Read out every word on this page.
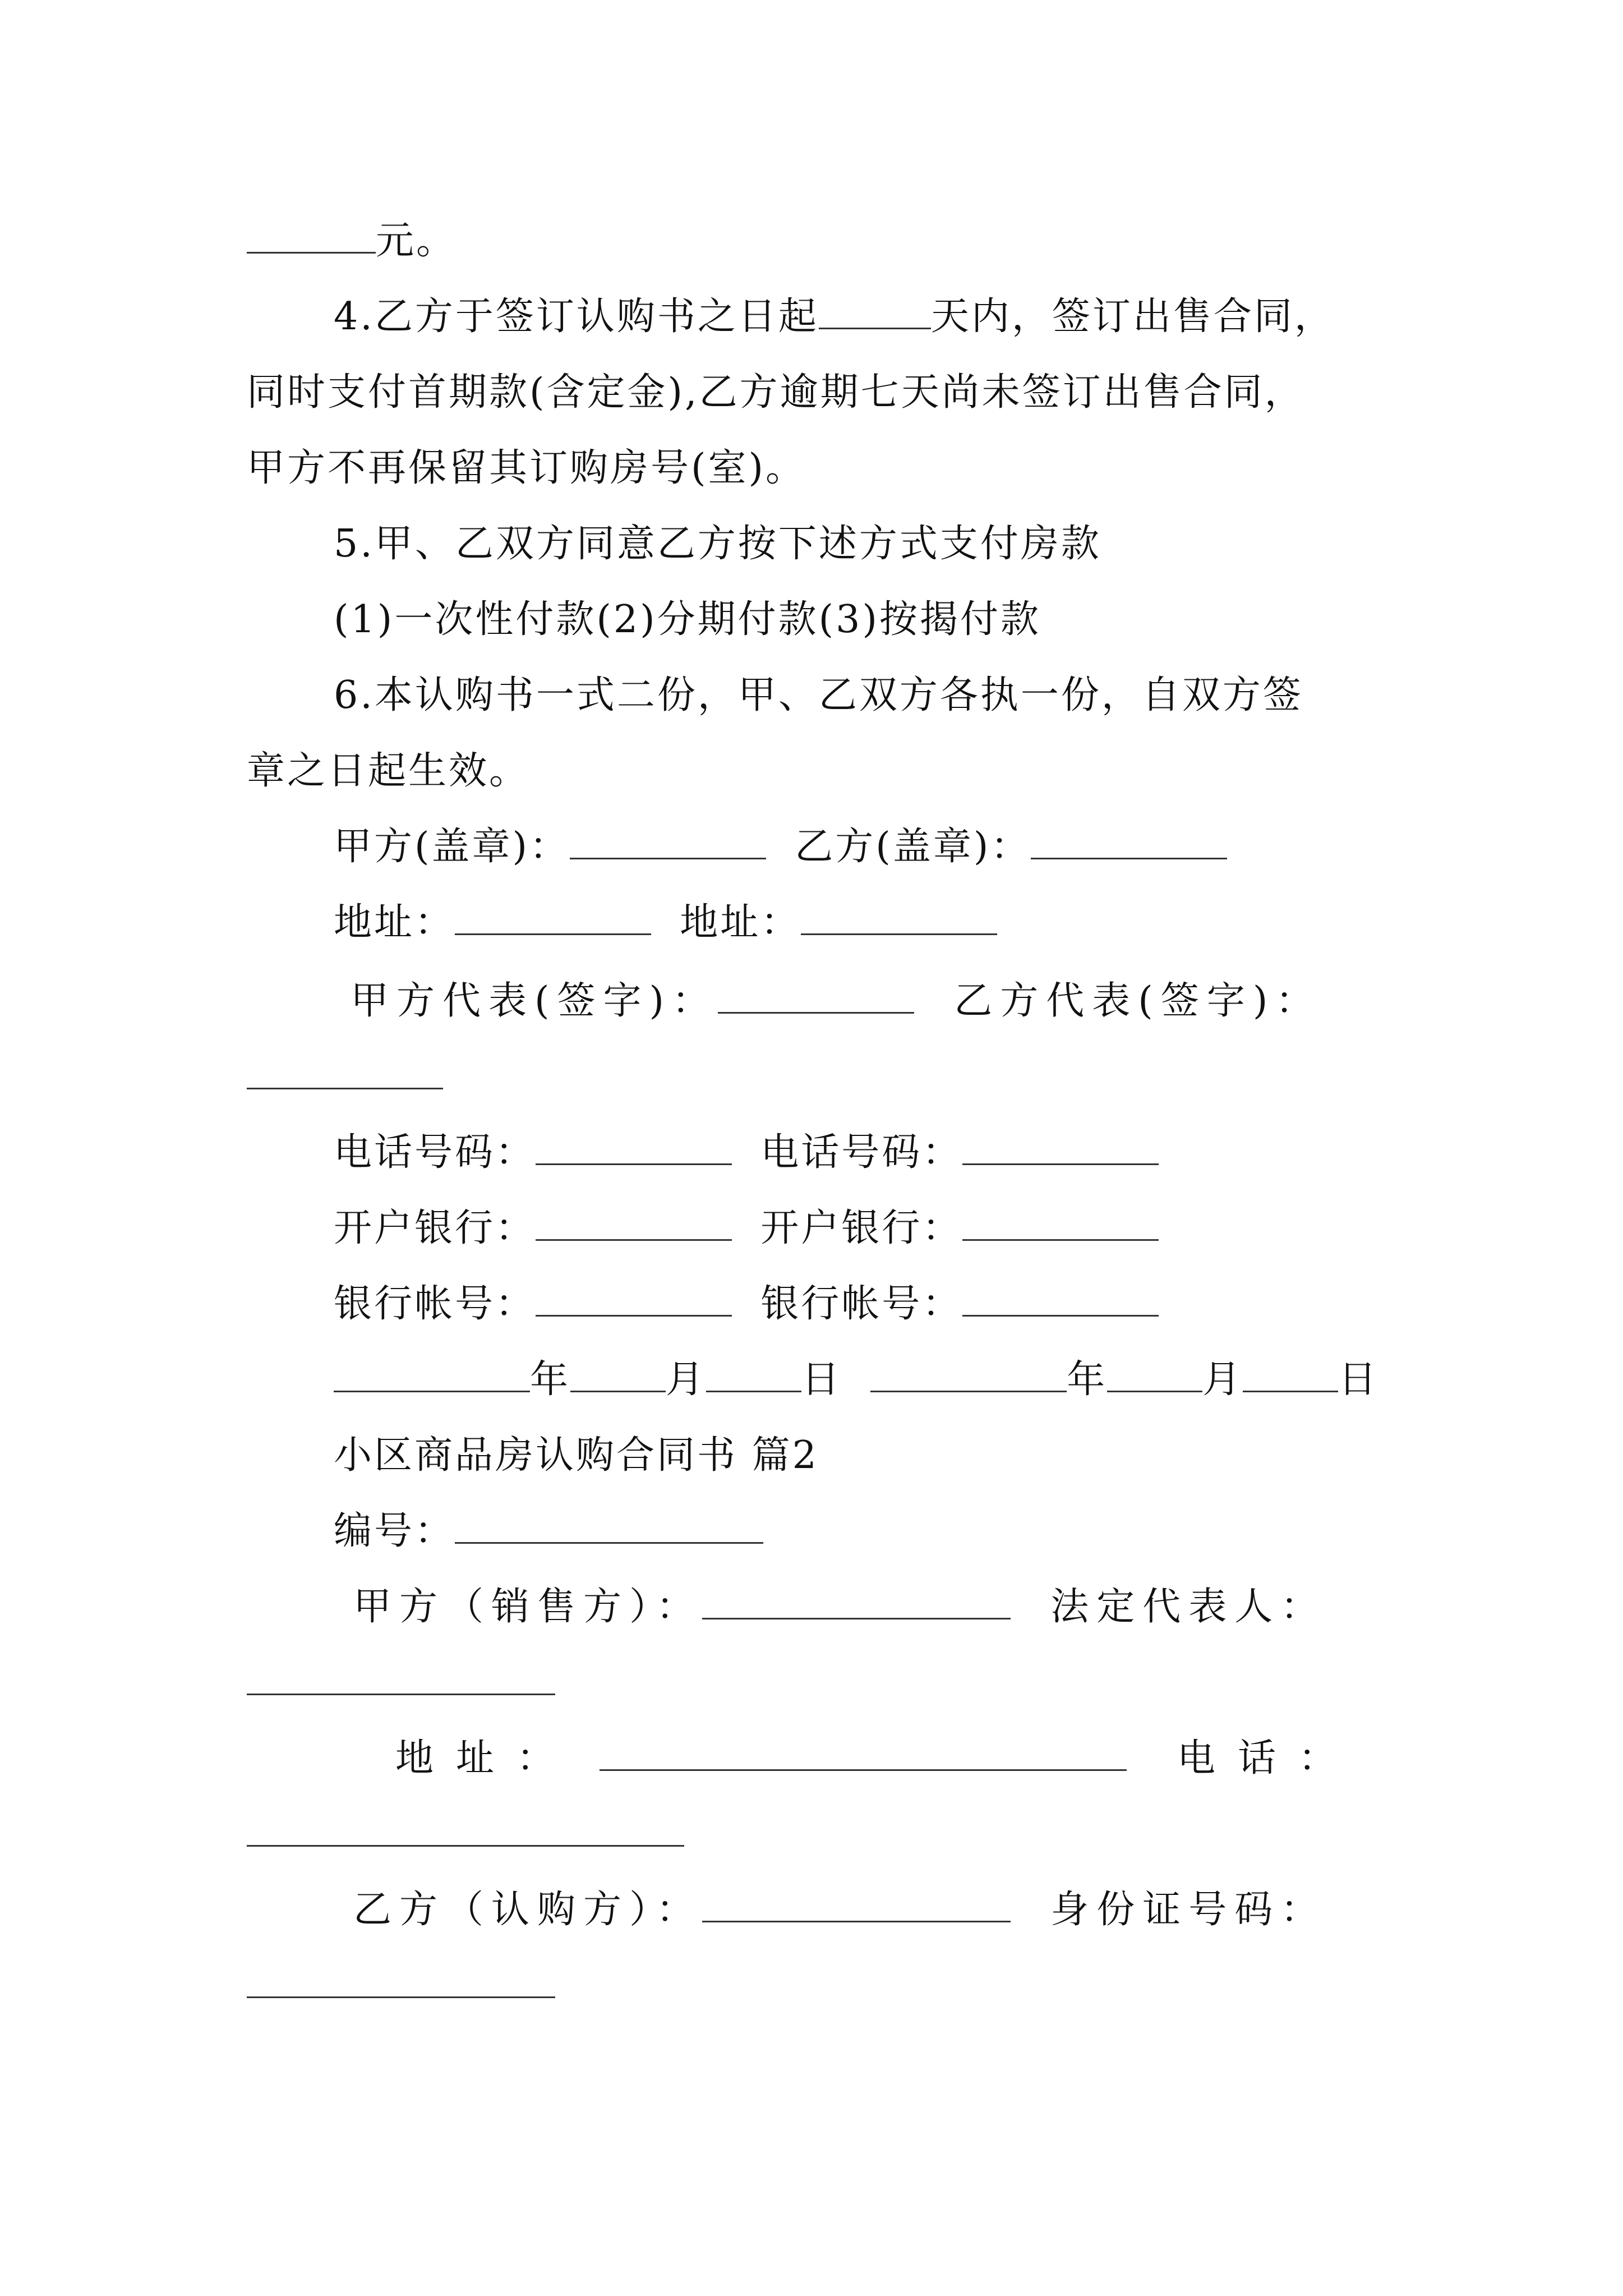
元。
4.乙方于签订认购书之日起	天内，签订出售合同，
同时支付首期款(含定金),乙方逾期七天尚未签订出售合同，
甲方不再保留其订购房号(室)。
5.甲、乙双方同意乙方按下述方式支付房款
(1)一次性付款(2)分期付款(3)按揭付款
6.本认购书一式二份，甲、乙双方各执一份，自双方签
章之日起生效。
甲方(盖章)：	乙方(盖章)：
地址：	地址：
甲方代表(签字)：	乙方代表(签字)：
电话号码：	电话号码：
开户银行：	开户银行：
银行帐号：	银行帐号：
年	月	日	年	月	日
小区商品房认购合同书 篇2
编号：
甲方（销售方）：	法定代表人：
地址：	电话：
乙方（认购方）：	身份证号码：
